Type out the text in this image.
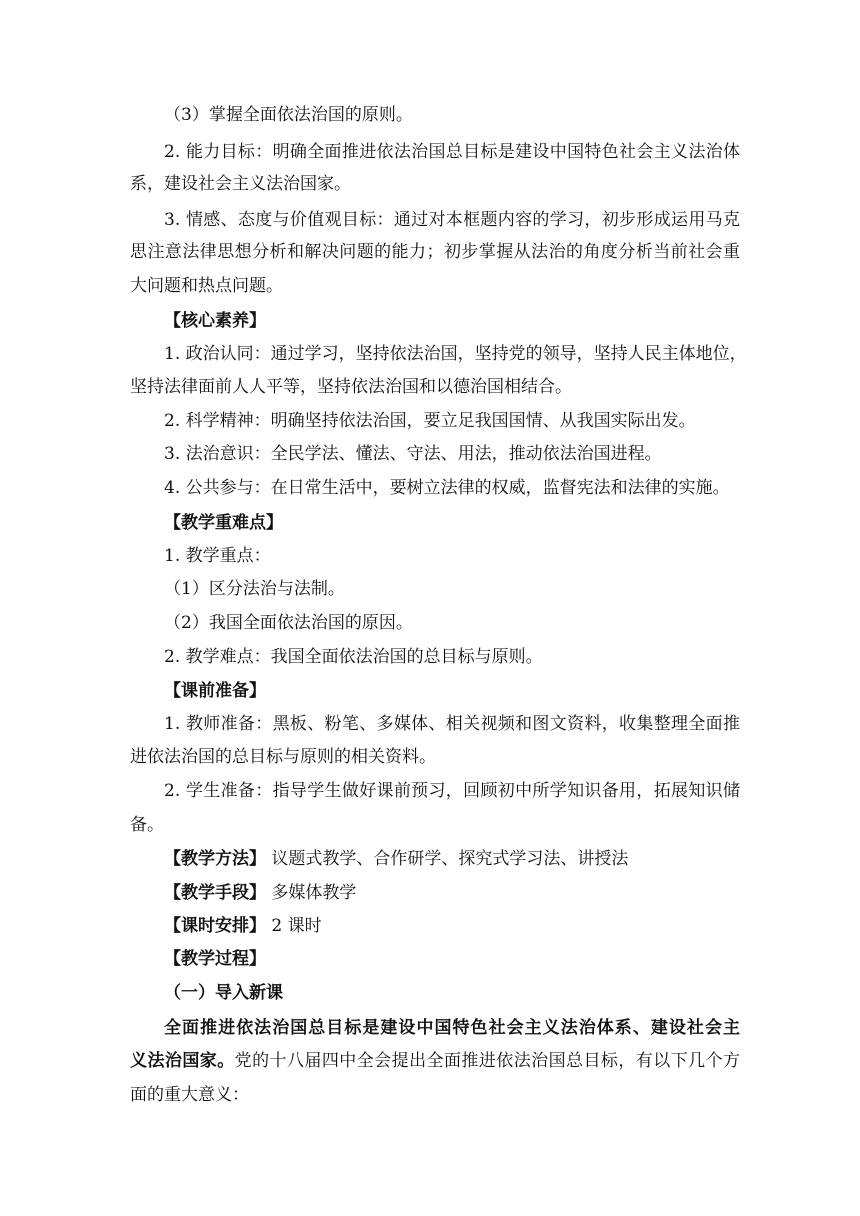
（3）掌握全面依法治国的原则。
2. 能力目标：明确全面推进依法治国总目标是建设中国特色社会主义法治体
系，建设社会主义法治国家。
3. 情感、态度与价值观目标：通过对本框题内容的学习，初步形成运用马克
思注意法律思想分析和解决问题的能力；初步掌握从法治的角度分析当前社会重
大问题和热点问题。
【核心素养】
1. 政治认同：通过学习，坚持依法治国，坚持党的领导，坚持人民主体地位，
坚持法律面前人人平等，坚持依法治国和以德治国相结合。
2. 科学精神：明确坚持依法治国，要立足我国国情、从我国实际出发。
3. 法治意识：全民学法、懂法、守法、用法，推动依法治国进程。
4. 公共参与：在日常生活中，要树立法律的权威，监督宪法和法律的实施。
【教学重难点】
1. 教学重点：
（1）区分法治与法制。
（2）我国全面依法治国的原因。
2. 教学难点：我国全面依法治国的总目标与原则。
【课前准备】
1. 教师准备：黑板、粉笔、多媒体、相关视频和图文资料，收集整理全面推
进依法治国的总目标与原则的相关资料。
2. 学生准备：指导学生做好课前预习，回顾初中所学知识备用，拓展知识储
备。
【教学方法】 议题式教学、合作研学、探究式学习法、讲授法
【教学手段】 多媒体教学
【课时安排】 2 课时
【教学过程】
（一）导入新课
全面推进依法治国总目标是建设中国特色社会主义法治体系、建设社会主
义法治国家。党的十八届四中全会提出全面推进依法治国总目标，有以下几个方
面的重大意义：
